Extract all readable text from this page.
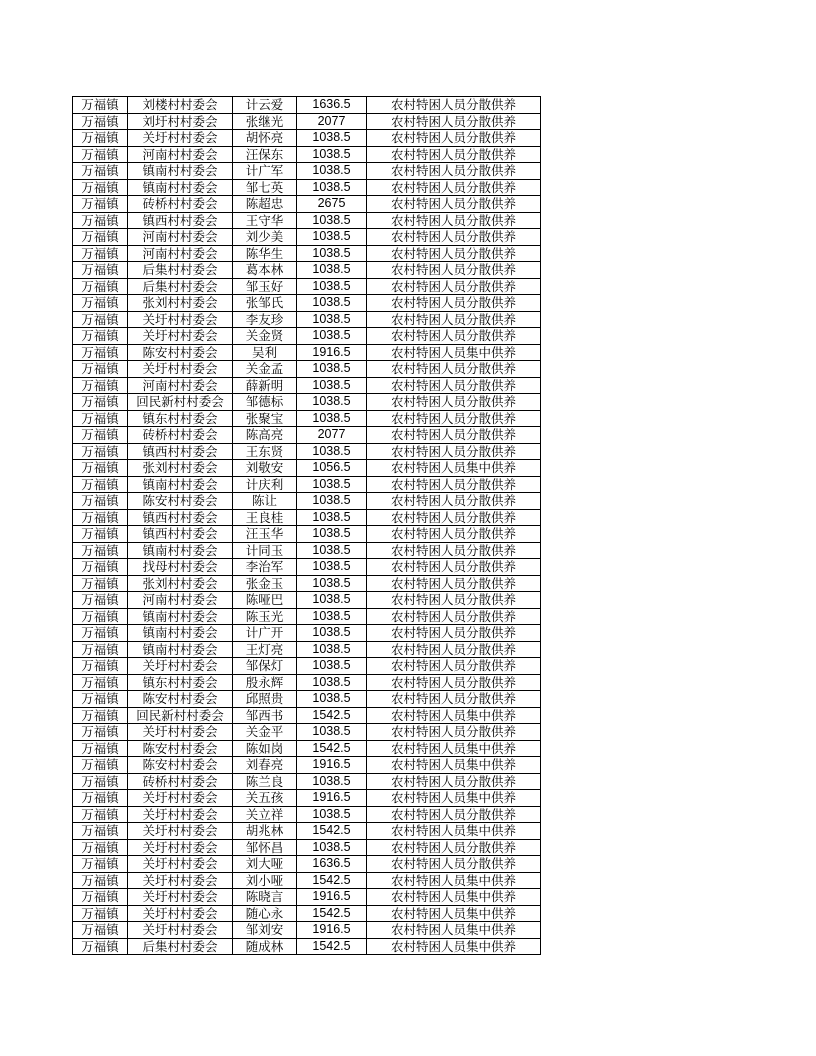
万福镇	刘楼村村委会	计云爱	1636.5	农村特困人员分散供养
万福镇	刘圩村村委会	张继光	2077	农村特困人员分散供养
万福镇	关圩村村委会	胡怀亮	1038.5	农村特困人员分散供养
万福镇	河南村村委会	汪保东	1038.5	农村特困人员分散供养
万福镇	镇南村村委会	计广军	1038.5	农村特困人员分散供养
万福镇	镇南村村委会	邹七英	1038.5	农村特困人员分散供养
万福镇	砖桥村村委会	陈超忠	2675	农村特困人员分散供养
万福镇	镇西村村委会	王守华	1038.5	农村特困人员分散供养
万福镇	河南村村委会	刘少美	1038.5	农村特困人员分散供养
万福镇	河南村村委会	陈华生	1038.5	农村特困人员分散供养
万福镇	后集村村委会	葛本林	1038.5	农村特困人员分散供养
万福镇	后集村村委会	邹玉好	1038.5	农村特困人员分散供养
万福镇	张刘村村委会	张邹氏	1038.5	农村特困人员分散供养
万福镇	关圩村村委会	李友珍	1038.5	农村特困人员分散供养
万福镇	关圩村村委会	关金贤	1038.5	农村特困人员分散供养
万福镇	陈安村村委会	吴利	1916.5	农村特困人员集中供养
万福镇	关圩村村委会	关金孟	1038.5	农村特困人员分散供养
万福镇	河南村村委会	薛新明	1038.5	农村特困人员分散供养
万福镇	回民新村村委会	邹德标	1038.5	农村特困人员分散供养
万福镇	镇东村村委会	张聚宝	1038.5	农村特困人员分散供养
万福镇	砖桥村村委会	陈高亮	2077	农村特困人员分散供养
万福镇	镇西村村委会	王东贤	1038.5	农村特困人员分散供养
万福镇	张刘村村委会	刘敬安	1056.5	农村特困人员集中供养
万福镇	镇南村村委会	计庆利	1038.5	农村特困人员分散供养
万福镇	陈安村村委会	陈让	1038.5	农村特困人员分散供养
万福镇	镇西村村委会	王良桂	1038.5	农村特困人员分散供养
万福镇	镇西村村委会	汪玉华	1038.5	农村特困人员分散供养
万福镇	镇南村村委会	计同玉	1038.5	农村特困人员分散供养
万福镇	找母村村委会	李治军	1038.5	农村特困人员分散供养
万福镇	张刘村村委会	张金玉	1038.5	农村特困人员分散供养
万福镇	河南村村委会	陈哑巴	1038.5	农村特困人员分散供养
万福镇	镇南村村委会	陈玉光	1038.5	农村特困人员分散供养
万福镇	镇南村村委会	计广开	1038.5	农村特困人员分散供养
万福镇	镇南村村委会	王灯亮	1038.5	农村特困人员分散供养
万福镇	关圩村村委会	邹保灯	1038.5	农村特困人员分散供养
万福镇	镇东村村委会	殷永辉	1038.5	农村特困人员分散供养
万福镇	陈安村村委会	邱照贵	1038.5	农村特困人员分散供养
万福镇	回民新村村委会	邹西书	1542.5	农村特困人员集中供养
万福镇	关圩村村委会	关金平	1038.5	农村特困人员分散供养
万福镇	陈安村村委会	陈如岗	1542.5	农村特困人员集中供养
万福镇	陈安村村委会	刘春亮	1916.5	农村特困人员集中供养
万福镇	砖桥村村委会	陈兰良	1038.5	农村特困人员分散供养
万福镇	关圩村村委会	关五孩	1916.5	农村特困人员集中供养
万福镇	关圩村村委会	关立祥	1038.5	农村特困人员分散供养
万福镇	关圩村村委会	胡兆林	1542.5	农村特困人员集中供养
万福镇	关圩村村委会	邹怀昌	1038.5	农村特困人员分散供养
万福镇	关圩村村委会	刘大哑	1636.5	农村特困人员分散供养
万福镇	关圩村村委会	刘小哑	1542.5	农村特困人员集中供养
万福镇	关圩村村委会	陈晓言	1916.5	农村特困人员集中供养
万福镇	关圩村村委会	随心永	1542.5	农村特困人员集中供养
万福镇	关圩村村委会	邹刘安	1916.5	农村特困人员集中供养
万福镇	后集村村委会	随成林	1542.5	农村特困人员集中供养
